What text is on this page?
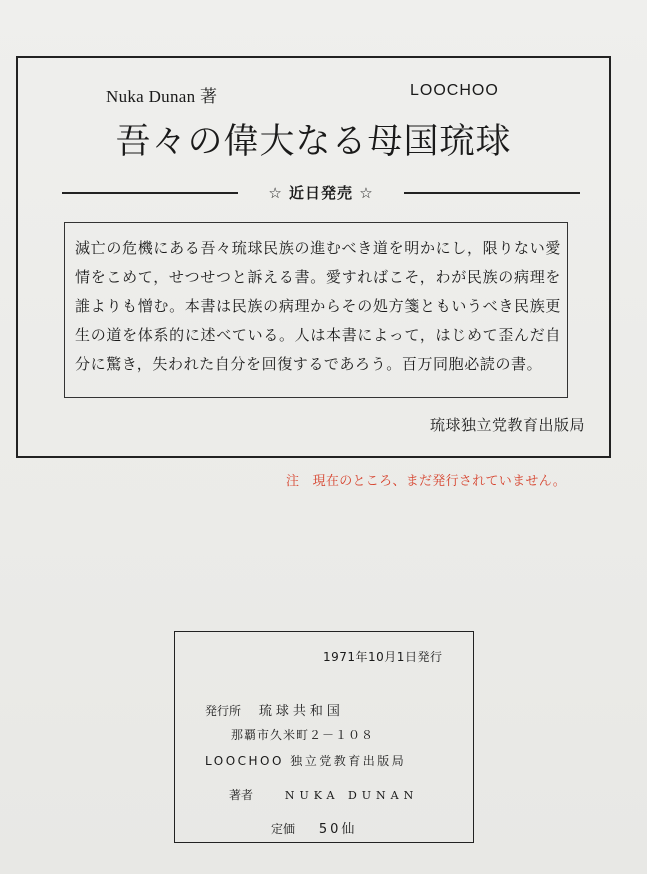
Nuka Dunan 著	LOOCHOO
吾々の偉大なる母国琉球
☆ 近日発売 ☆
滅亡の危機にある吾々琉球民族の進むべき道を明かにし，限りない愛情をこめて，せつせつと訴える書。愛すればこそ，わが民族の病理を誰よりも憎む。本書は民族の病理からその処方箋ともいうべき民族更生の道を体系的に述べている。人は本書によって，はじめて歪んだ自分に驚き，失われた自分を回復するであろう。百万同胞必読の書。
琉球独立党教育出版局
注　現在のところ、まだ発行されていません。
1971年10月1日発行
発行所 琉球共和国
那覇市久米町２－１０８
LOOCHOO 独立党教育出版局
著者	NUKA DUNAN
定価 50仙
